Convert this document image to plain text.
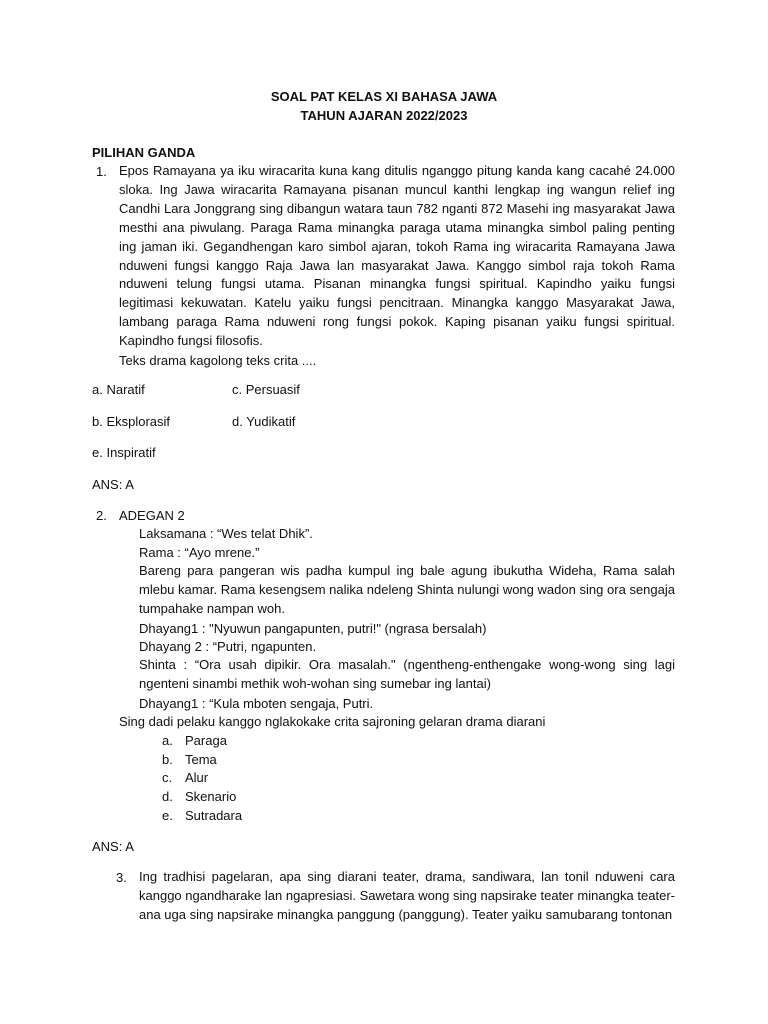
SOAL PAT KELAS XI BAHASA JAWA
TAHUN AJARAN 2022/2023
PILIHAN GANDA
1. Epos Ramayana ya iku wiracarita kuna kang ditulis nganggo pitung kanda kang cacahé 24.000 sloka. Ing Jawa wiracarita Ramayana pisanan muncul kanthi lengkap ing wangun relief ing Candhi Lara Jonggrang sing dibangun watara taun 782 nganti 872 Masehi ing masyarakat Jawa mesthi ana piwulang. Paraga Rama minangka paraga utama minangka simbol paling penting ing jaman iki. Gegandhengan karo simbol ajaran, tokoh Rama ing wiracarita Ramayana Jawa nduweni fungsi kanggo Raja Jawa lan masyarakat Jawa. Kanggo simbol raja tokoh Rama nduweni telung fungsi utama. Pisanan minangka fungsi spiritual. Kapindho yaiku fungsi legitimasi kekuwatan. Katelu yaiku fungsi pencitraan. Minangka kanggo Masyarakat Jawa, lambang paraga Rama nduweni rong fungsi pokok. Kaping pisanan yaiku fungsi spiritual. Kapindho fungsi filosofis.
Teks drama kagolong teks crita ....
a. Naratif	c. Persuasif
b. Eksplorasif	d. Yudikatif
e. Inspiratif
ANS: A
2. ADEGAN 2
Laksamana : “Wes telat Dhik”.
Rama : “Ayo mrene.”
Bareng para pangeran wis padha kumpul ing bale agung ibukutha Wideha, Rama salah mlebu kamar. Rama kesengsem nalika ndeleng Shinta nulungi wong wadon sing ora sengaja tumpahake nampan woh.
Dhayang1 : "Nyuwun pangapunten, putri!" (ngrasa bersalah)
Dhayang 2 : “Putri, ngapunten.
Shinta : “Ora usah dipikir. Ora masalah." (ngentheng-enthengake wong-wong sing lagi ngenteni sinambi methik woh-wohan sing sumebar ing lantai)
Dhayang1 : “Kula mboten sengaja, Putri.
Sing dadi pelaku kanggo nglakokake crita sajroning gelaran drama diarani
a. Paraga
b. Tema
c. Alur
d. Skenario
e. Sutradara
ANS: A
3. Ing tradhisi pagelaran, apa sing diarani teater, drama, sandiwara, lan tonil nduweni cara kanggo ngandharake lan ngapresiasi. Sawetara wong sing napsirake teater minangka teater-ana uga sing napsirake minangka panggung (panggung). Teater yaiku samubarang tontonan
